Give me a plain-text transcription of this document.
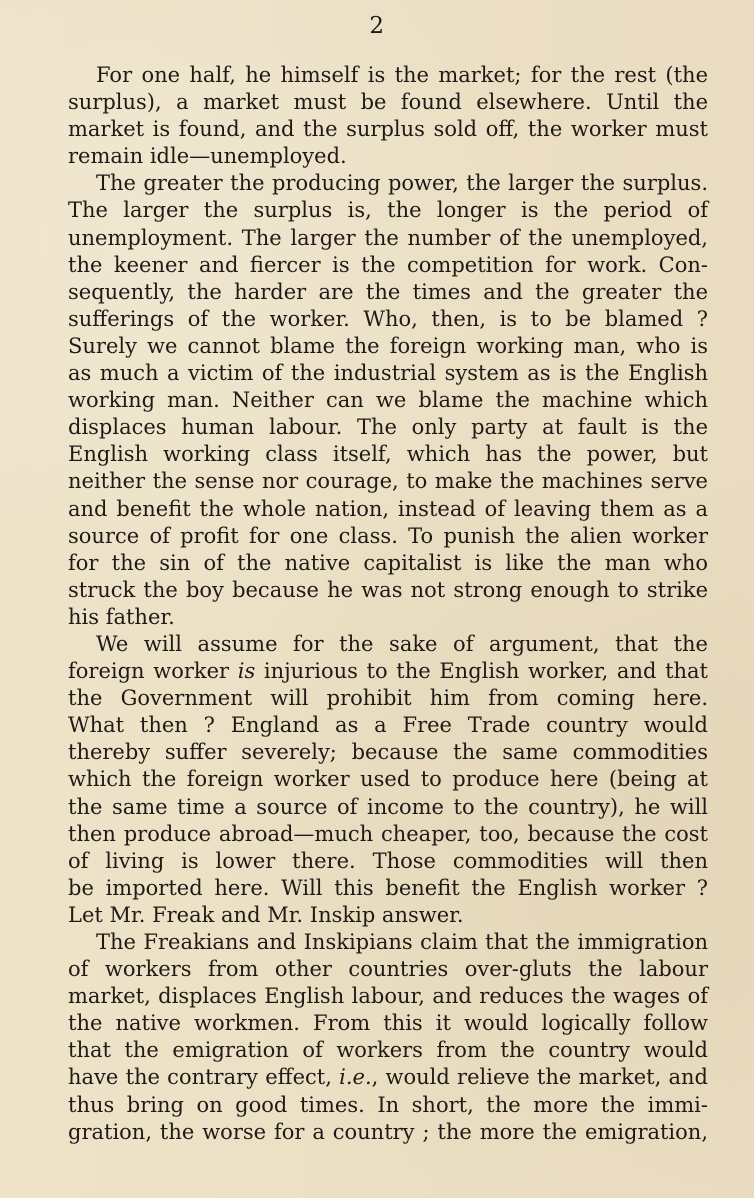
2

For one half, he himself is the market; for the rest (the
surplus), a market must be found elsewhere. Until the
market is found, and the surplus sold off, the worker must
remain idle—unemployed.

The greater the producing power, the larger the surplus.
The larger the surplus is, the longer is the period of
unemployment. The larger the number of the unemployed,
the keener and fiercer is the competition for work. Con-
sequently, the harder are the times and the greater the
sufferings of the worker. Who, then, is to be blamed ?
Surely we cannot blame the foreign working man, who is
as much a victim of the industrial system as is the English
working man. Neither can we blame the machine which
displaces human labour. The only party at fault is the
English working class itself, which has the power, but
neither the sense nor courage, to make the machines serve
and benefit the whole nation, instead of leaving them as a
source of profit for one class. To punish the alien worker
for the sin of the native capitalist is like the man who
struck the boy because he was not strong enough to strike
his father.

We will assume for the sake of argument, that the
foreign worker is injurious to the English worker, and that
the Government will prohibit him from coming here.
What then ? England as a Free Trade country would
thereby suffer severely; because the same commodities
which the foreign worker used to produce here (being at
the same time a source of income to the country), he will
then produce abroad—much cheaper, too, because the cost
of living is lower there. Those commodities will then
be imported here. Will this benefit the English worker ?
Let Mr. Freak and Mr. Inskip answer.

The Freakians and Inskipians claim that the immigration
of workers from other countries over-gluts the labour
market, displaces English labour, and reduces the wages of
the native workmen. From this it would logically follow
that the emigration of workers from the country would
have the contrary effect, i.e., would relieve the market, and
thus bring on good times. In short, the more the immi-
gration, the worse for a country ; the more the emigration,
